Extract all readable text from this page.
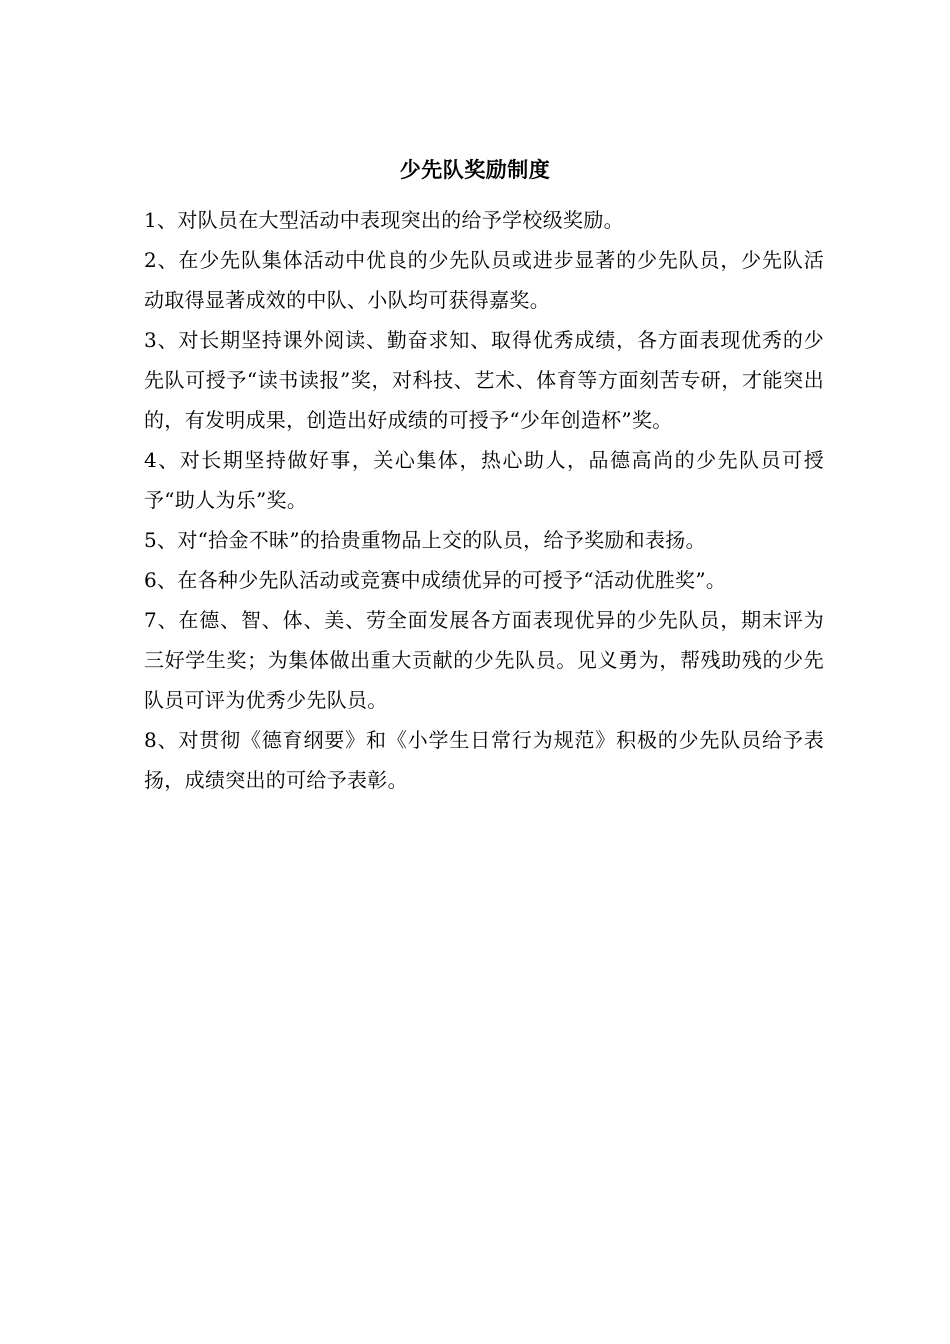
少先队奖励制度

1、对队员在大型活动中表现突出的给予学校级奖励。

2、在少先队集体活动中优良的少先队员或进步显著的少先队员，少先队活动取得显著成效的中队、小队均可获得嘉奖。

3、对长期坚持课外阅读、勤奋求知、取得优秀成绩，各方面表现优秀的少先队可授予“读书读报”奖，对科技、艺术、体育等方面刻苦专研，才能突出的，有发明成果，创造出好成绩的可授予“少年创造杯”奖。

4、对长期坚持做好事，关心集体，热心助人，品德高尚的少先队员可授予“助人为乐”奖。

5、对“拾金不昧”的拾贵重物品上交的队员，给予奖励和表扬。

6、在各种少先队活动或竞赛中成绩优异的可授予“活动优胜奖”。

7、在德、智、体、美、劳全面发展各方面表现优异的少先队员，期末评为三好学生奖；为集体做出重大贡献的少先队员。见义勇为，帮残助残的少先队员可评为优秀少先队员。

8、对贯彻《德育纲要》和《小学生日常行为规范》积极的少先队员给予表扬，成绩突出的可给予表彰。
